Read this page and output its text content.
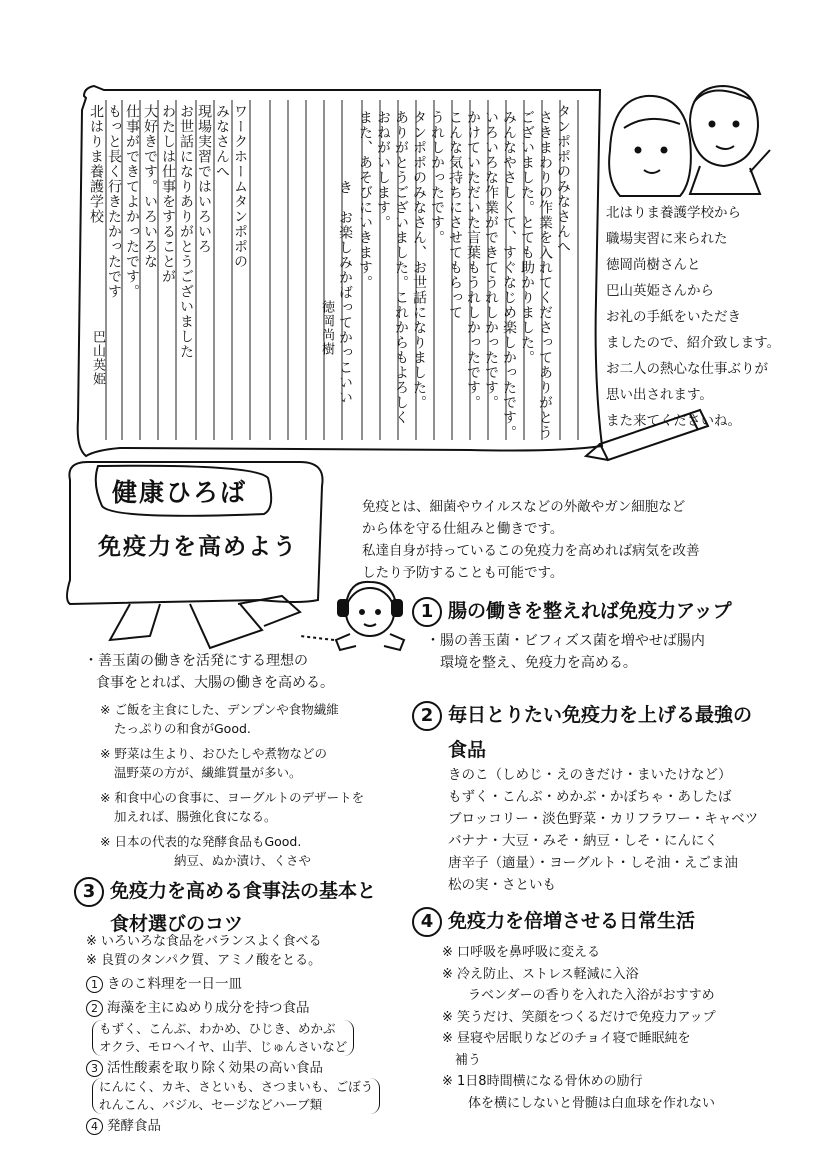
タンポポのみなさんへ
さきまわりの作業を入れてくださってありがとう
ございました。とても助かりました。
みんなやさしくて、すぐなじめ楽しかったです。
いろいろな作業ができてうれしかったです。
かけていただいた言葉もうれしかったです。
こんな気持ちにさせてもらって
うれしかったです。
タンポポのみなさん、お世話になりました。
ありがとうございました。これからもよろしく
おねがいします。
また、あそびにいきます。
徳岡尚樹 き　お楽しみかばってかっこいい
ワークホームタンポポの
みなさんへ
現場実習ではいろいろ
お世話になりありがとうございました
わたしは仕事をすることが
大好きです。いろいろな
仕事ができてよかったです。
もっと長く行きたかったです
北はりま養護学校
巴山英姫
北はりま養護学校から
職場実習に来られた
徳岡尚樹さんと
巴山英姫さんから
お礼の手紙をいただき
ましたので、紹介致します。
お二人の熱心な仕事ぶりが
思い出されます。
また来てくださいね。
健康ひろば
免疫力を高めよう
免疫とは、細菌やウイルスなどの外敵やガン細胞など
から体を守る仕組みと働きです。
私達自身が持っているこの免疫力を高めれば病気を改善
したり予防することも可能です。
1 腸の働きを整えれば免疫力アップ
・腸の善玉菌・ビフィズス菌を増やせば腸内
環境を整え、免疫力を高める。
・善玉菌の働きを活発にする理想の
食事をとれば、大腸の働きを高める。
※ ご飯を主食にした、デンプンや食物繊維
たっぷりの和食がGood.
※ 野菜は生より、おひたしや煮物などの
温野菜の方が、繊維質量が多い。
※ 和食中心の食事に、ヨーグルトのデザートを
加えれば、腸強化食になる。
※ 日本の代表的な発酵食品もGood.
納豆、ぬか漬け、くさや
2 毎日とりたい免疫力を上げる最強の
食品
きのこ（しめじ・えのきだけ・まいたけなど）
もずく・こんぶ・めかぶ・かぼちゃ・あしたば
ブロッコリー・淡色野菜・カリフラワー・キャベツ
バナナ・大豆・みそ・納豆・しそ・にんにく
唐辛子（適量）・ヨーグルト・しそ油・えごま油
松の実・さといも
3 免疫力を高める食事法の基本と
食材選びのコツ
※ いろいろな食品をバランスよく食べる
※ 良質のタンパク質、アミノ酸をとる。
1 きのこ料理を一日一皿
2 海藻を主にぬめり成分を持つ食品
もずく、こんぶ、わかめ、ひじき、めかぶ
オクラ、モロヘイヤ、山芋、じゅんさいなど
3 活性酸素を取り除く効果の高い食品
にんにく、カキ、さといも、さつまいも、ごぼう
れんこん、バジル、セージなどハーブ類
4 発酵食品
4 免疫力を倍増させる日常生活
※ 口呼吸を鼻呼吸に変える
※ 冷え防止、ストレス軽減に入浴
　　ラベンダーの香りを入れた入浴がおすすめ
※ 笑うだけ、笑顔をつくるだけで免疫力アップ
※ 昼寝や居眠りなどのチョイ寝で睡眠純を
　補う
※ 1日8時間横になる骨休めの励行
　　体を横にしないと骨髄は白血球を作れない
